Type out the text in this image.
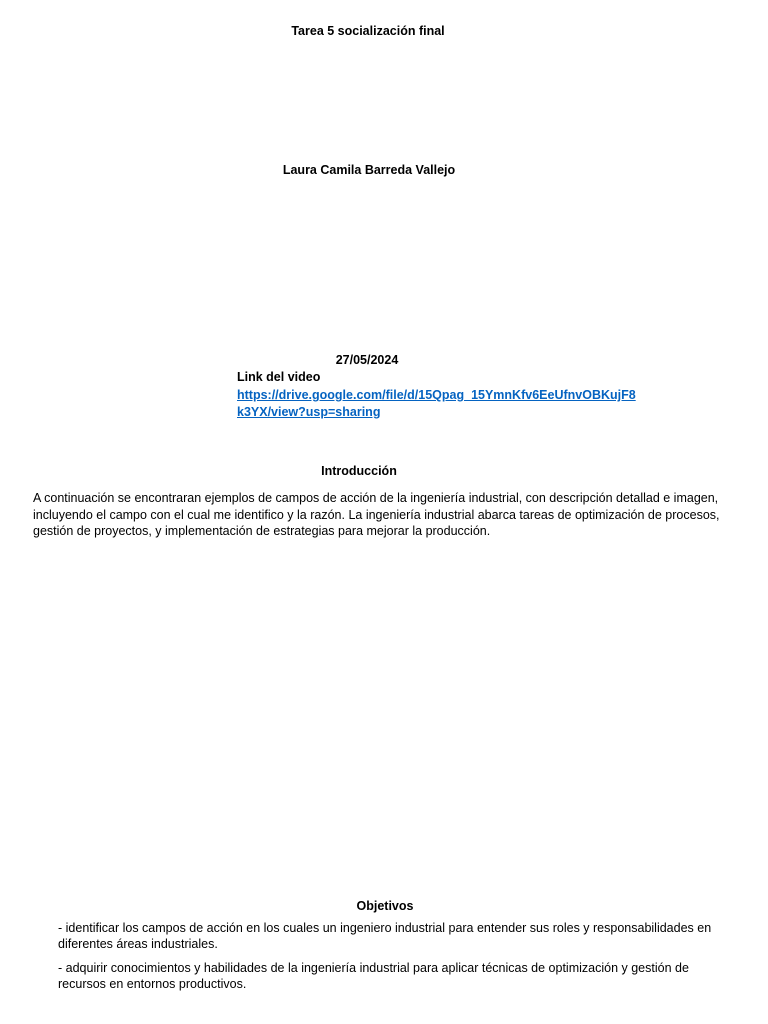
Tarea 5 socialización final
Laura Camila Barreda Vallejo
27/05/2024
Link del video
https://drive.google.com/file/d/15Qpag_15YmnKfv6EeUfnvOBKujF8k3YX/view?usp=sharing
Introducción
A continuación se encontraran ejemplos de campos de acción de la ingeniería industrial, con descripción detallad e imagen, incluyendo el campo con el cual me identifico y la razón. La ingeniería industrial abarca tareas de optimización de procesos, gestión de proyectos, y implementación de estrategias para mejorar la producción.
Objetivos
- identificar los campos de acción en los cuales un ingeniero industrial para entender sus roles y responsabilidades en diferentes áreas industriales.
- adquirir conocimientos y habilidades de la ingeniería industrial para aplicar técnicas de optimización y gestión de recursos en entornos productivos.
